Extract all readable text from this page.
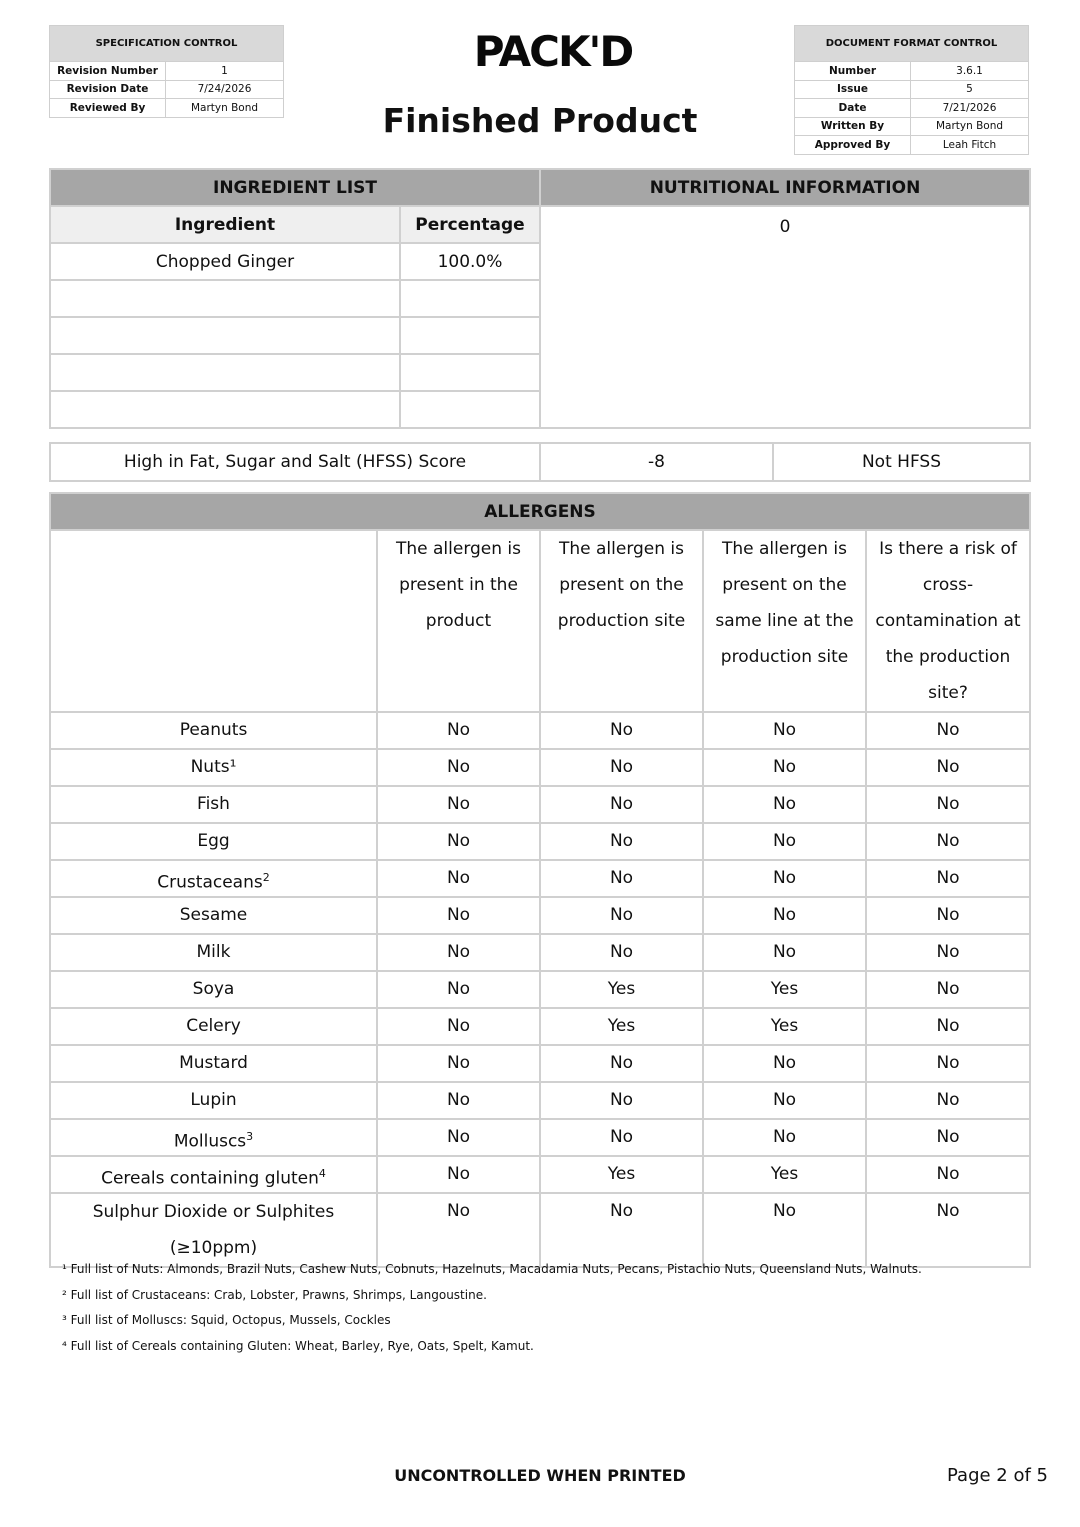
SPECIFICATION CONTROL	
Revision Number	1
Revision Date	7/24/2026
Reviewed By	Martyn Bond
PACK'D
Finished Product
DOCUMENT FORMAT CONTROL	
Number	3.6.1
Issue	5
Date	7/21/2026
Written By	Martyn Bond
Approved By	Leah Fitch
INGREDIENT LIST		NUTRITIONAL INFORMATION
Ingredient	Percentage	0
Chopped Ginger	100.0%	

High in Fat, Sugar and Salt (HFSS) Score	-8	Not HFSS
ALLERGENS				
	The allergen is present in the product	The allergen is present on the production site	The allergen is present on the same line at the production site	Is there a risk of cross-contamination at the production site?
Peanuts	No	No	No	No
Nuts¹	No	No	No	No
Fish	No	No	No	No
Egg	No	No	No	No
Crustaceans$^2$	No	No	No	No
Sesame	No	No	No	No
Milk	No	No	No	No
Soya	No	Yes	Yes	No
Celery	No	Yes	Yes	No
Mustard	No	No	No	No
Lupin	No	No	No	No
Molluscs$^3$	No	No	No	No
Cereals containing gluten$^4$	No	Yes	Yes	No
Sulphur Dioxide or Sulphites (≥10ppm)	No	No	No	No
¹ Full list of Nuts: Almonds, Brazil Nuts, Cashew Nuts, Cobnuts, Hazelnuts, Macadamia Nuts, Pecans, Pistachio Nuts, Queensland Nuts, Walnuts.
² Full list of Crustaceans: Crab, Lobster, Prawns, Shrimps, Langoustine.
³ Full list of Molluscs: Squid, Octopus, Mussels, Cockles
⁴ Full list of Cereals containing Gluten: Wheat, Barley, Rye, Oats, Spelt, Kamut.
UNCONTROLLED WHEN PRINTED	Page 2 of 5
